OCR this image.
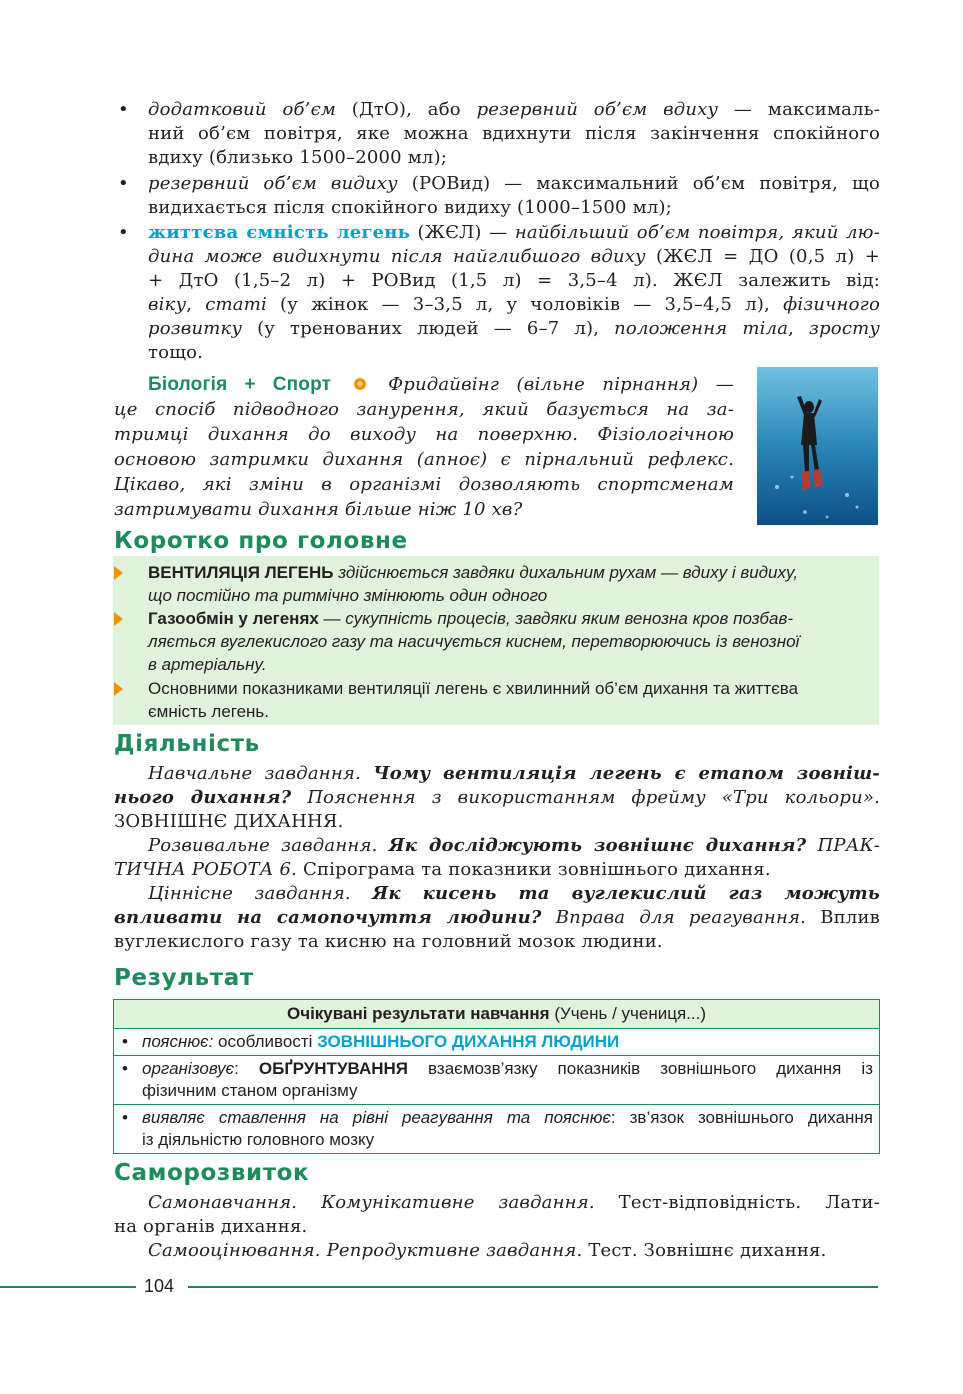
•	додатковий об’єм (ДтО), або резервний об’єм вдиху — максималь-
ний об’єм повітря, яке можна вдихнути після закінчення спокійного
вдиху (близько 1500–2000 мл);
•	резервний об’єм видиху (РОВид) — максимальний об’єм повітря, що
видихається після спокійного видиху (1000–1500 мл);
•	життєва ємність легень (ЖЄЛ) — найбільший об’єм повітря, який лю-
дина може видихнути після найглибшого вдиху (ЖЄЛ = ДО (0,5 л) +
+ ДтО (1,5–2 л) + РОВид (1,5 л) = 3,5–4 л). ЖЄЛ залежить від:
віку, статі (у жінок — 3–3,5 л, у чоловіків — 3,5–4,5 л), фізичного
розвитку (у тренованих людей — 6–7 л), положення тіла, зросту
тощо.
Біологія + Спорт	Фридайвінг (вільне пірнання) —
це спосіб підводного занурення, який базується на за-
тримці дихання до виходу на поверхню. Фізіологічною
основою затримки дихання (апноє) є пірнальний рефлекс.
Цікаво, які зміни в організмі дозволяють спортсменам
затримувати дихання більше ніж 10 хв?
Коротко про головне
ВЕНТИЛЯЦІЯ ЛЕГЕНЬ здійснюється завдяки дихальним рухам — вдиху і видиху,
що постійно та ритмічно змінюють один одного
Газообмін у легенях — сукупність процесів, завдяки яким венозна кров позбав-
ляється вуглекислого газу та насичується киснем, перетворюючись із венозної
в артеріальну.
Основними показниками вентиляції легень є хвилинний об’єм дихання та життєва
ємність легень.
Діяльність
Навчальне завдання. Чому вентиляція легень є етапом зовніш-
нього дихання? Пояснення з використанням фрейму «Три кольори».
ЗОВНІШНЄ ДИХАННЯ.
Розвивальне завдання. Як досліджують зовнішнє дихання? ПРАК-
ТИЧНА РОБОТА 6. Спірограма та показники зовнішнього дихання.
Ціннісне завдання. Як кисень та вуглекислий газ можуть
впливати на самопочуття людини? Вправа для реагування. Вплив
вуглекислого газу та кисню на головний мозок людини.
Результат
Очікувані результати навчання (Учень / учениця...)
• пояснює: особливості ЗОВНІШНЬОГО ДИХАННЯ ЛЮДИНИ
• організовує: ОБҐРУНТУВАННЯ взаємозв’язку показників зовнішнього дихання із
фізичним станом організму
• виявляє ставлення на рівні реагування та пояснює: зв’язок зовнішнього дихання
із діяльністю головного мозку
Саморозвиток
Самонавчання. Комунікативне завдання. Тест-відповідність. Лати-
на органів дихання.
Самооцінювання. Репродуктивне завдання. Тест. Зовнішнє дихання.
104
